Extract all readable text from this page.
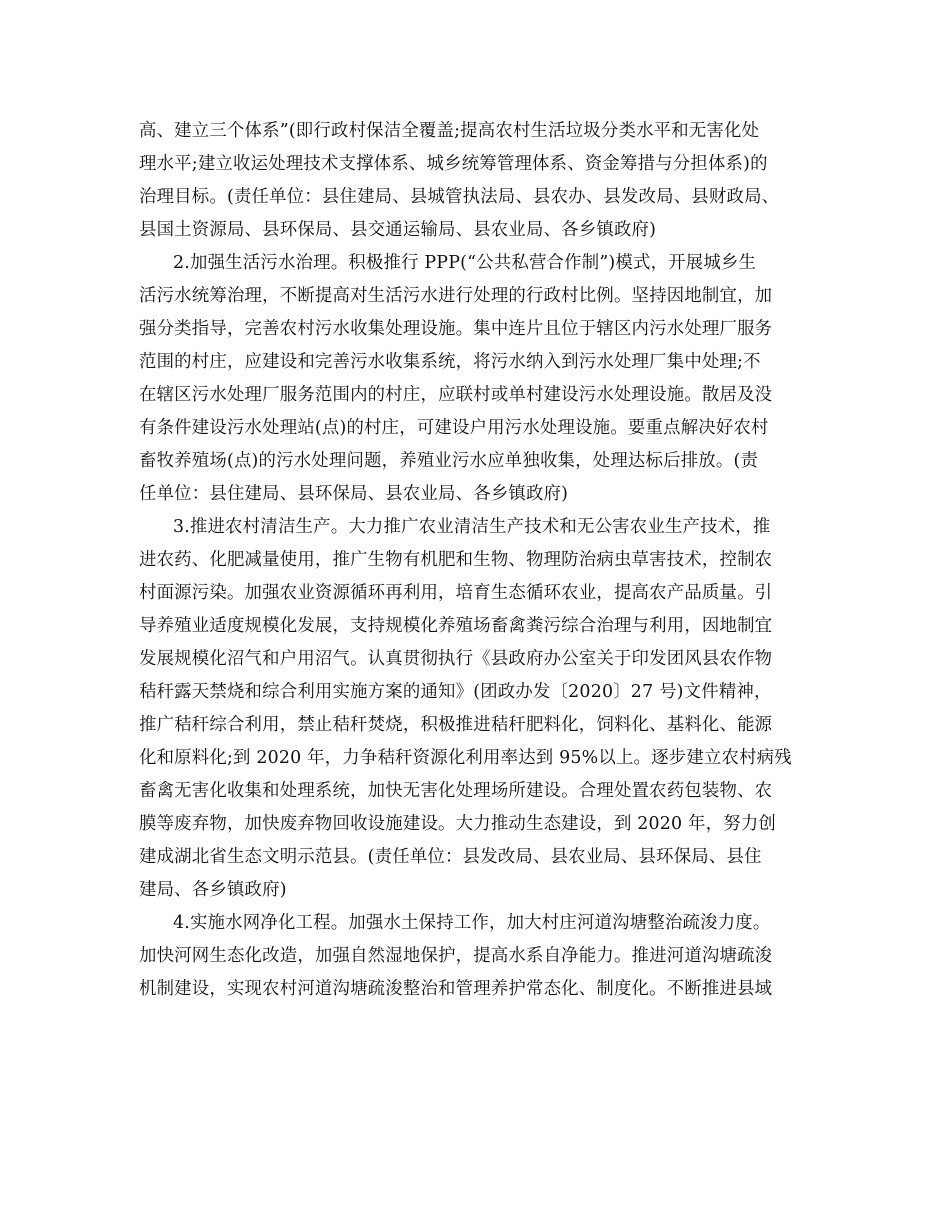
高、建立三个体系”(即行政村保洁全覆盖;提高农村生活垃圾分类水平和无害化处
理水平;建立收运处理技术支撑体系、城乡统筹管理体系、资金筹措与分担体系)的
治理目标。(责任单位：县住建局、县城管执法局、县农办、县发改局、县财政局、
县国土资源局、县环保局、县交通运输局、县农业局、各乡镇政府)
2.加强生活污水治理。积极推行 PPP(“公共私营合作制”)模式，开展城乡生
活污水统筹治理，不断提高对生活污水进行处理的行政村比例。坚持因地制宜，加
强分类指导，完善农村污水收集处理设施。集中连片且位于辖区内污水处理厂服务
范围的村庄，应建设和完善污水收集系统，将污水纳入到污水处理厂集中处理;不
在辖区污水处理厂服务范围内的村庄，应联村或单村建设污水处理设施。散居及没
有条件建设污水处理站(点)的村庄，可建设户用污水处理设施。要重点解决好农村
畜牧养殖场(点)的污水处理问题，养殖业污水应单独收集，处理达标后排放。(责
任单位：县住建局、县环保局、县农业局、各乡镇政府)
3.推进农村清洁生产。大力推广农业清洁生产技术和无公害农业生产技术，推
进农药、化肥减量使用，推广生物有机肥和生物、物理防治病虫草害技术，控制农
村面源污染。加强农业资源循环再利用，培育生态循环农业，提高农产品质量。引
导养殖业适度规模化发展，支持规模化养殖场畜禽粪污综合治理与利用，因地制宜
发展规模化沼气和户用沼气。认真贯彻执行《县政府办公室关于印发团风县农作物
秸秆露天禁烧和综合利用实施方案的通知》(团政办发〔2020〕27 号)文件精神，
推广秸秆综合利用，禁止秸秆焚烧，积极推进秸秆肥料化，饲料化、基料化、能源
化和原料化;到 2020 年，力争秸秆资源化利用率达到 95%以上。逐步建立农村病残
畜禽无害化收集和处理系统，加快无害化处理场所建设。合理处置农药包装物、农
膜等废弃物，加快废弃物回收设施建设。大力推动生态建设，到 2020 年，努力创
建成湖北省生态文明示范县。(责任单位：县发改局、县农业局、县环保局、县住
建局、各乡镇政府)
4.实施水网净化工程。加强水土保持工作，加大村庄河道沟塘整治疏浚力度。
加快河网生态化改造，加强自然湿地保护，提高水系自净能力。推进河道沟塘疏浚
机制建设，实现农村河道沟塘疏浚整治和管理养护常态化、制度化。不断推进县域
